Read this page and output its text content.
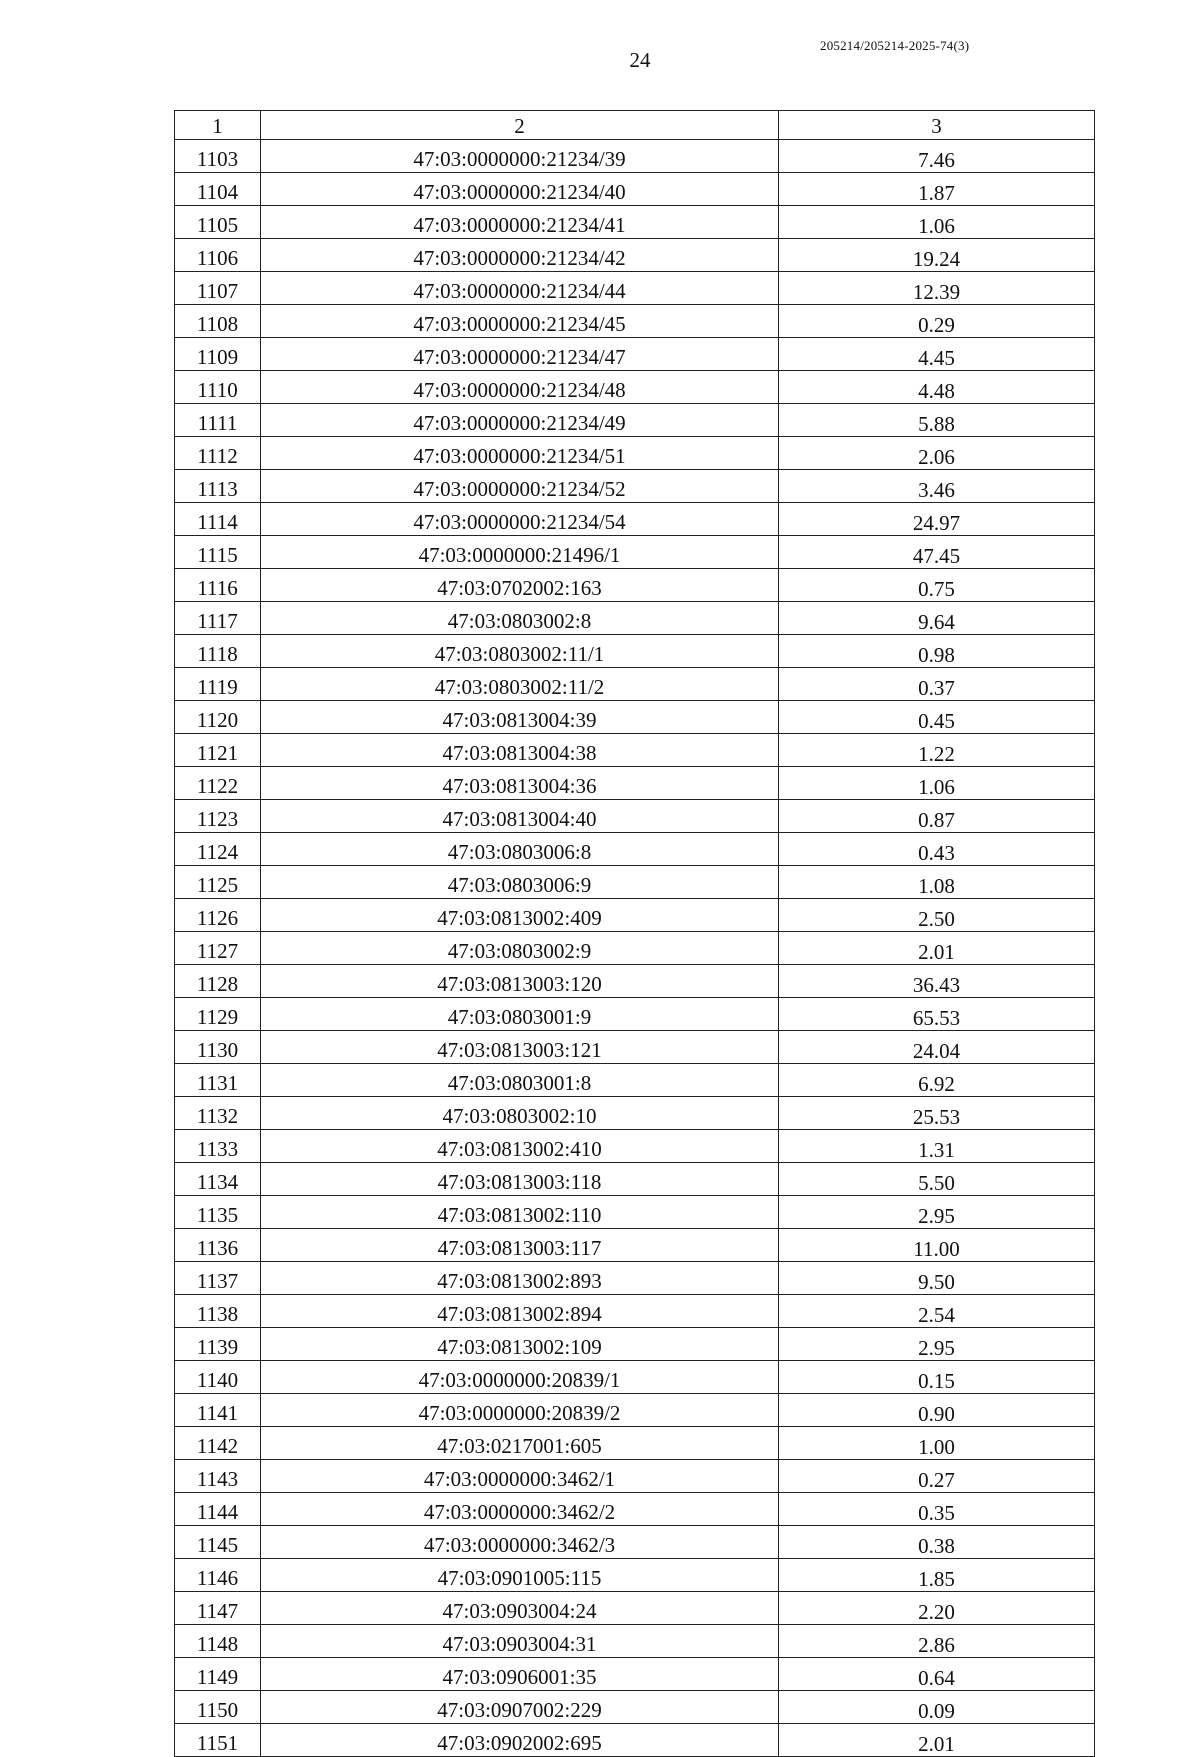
24
205214/205214-2025-74(3)
1	2	3
1103	47:03:0000000:21234/39	7.46
1104	47:03:0000000:21234/40	1.87
1105	47:03:0000000:21234/41	1.06
1106	47:03:0000000:21234/42	19.24
1107	47:03:0000000:21234/44	12.39
1108	47:03:0000000:21234/45	0.29
1109	47:03:0000000:21234/47	4.45
1110	47:03:0000000:21234/48	4.48
1111	47:03:0000000:21234/49	5.88
1112	47:03:0000000:21234/51	2.06
1113	47:03:0000000:21234/52	3.46
1114	47:03:0000000:21234/54	24.97
1115	47:03:0000000:21496/1	47.45
1116	47:03:0702002:163	0.75
1117	47:03:0803002:8	9.64
1118	47:03:0803002:11/1	0.98
1119	47:03:0803002:11/2	0.37
1120	47:03:0813004:39	0.45
1121	47:03:0813004:38	1.22
1122	47:03:0813004:36	1.06
1123	47:03:0813004:40	0.87
1124	47:03:0803006:8	0.43
1125	47:03:0803006:9	1.08
1126	47:03:0813002:409	2.50
1127	47:03:0803002:9	2.01
1128	47:03:0813003:120	36.43
1129	47:03:0803001:9	65.53
1130	47:03:0813003:121	24.04
1131	47:03:0803001:8	6.92
1132	47:03:0803002:10	25.53
1133	47:03:0813002:410	1.31
1134	47:03:0813003:118	5.50
1135	47:03:0813002:110	2.95
1136	47:03:0813003:117	11.00
1137	47:03:0813002:893	9.50
1138	47:03:0813002:894	2.54
1139	47:03:0813002:109	2.95
1140	47:03:0000000:20839/1	0.15
1141	47:03:0000000:20839/2	0.90
1142	47:03:0217001:605	1.00
1143	47:03:0000000:3462/1	0.27
1144	47:03:0000000:3462/2	0.35
1145	47:03:0000000:3462/3	0.38
1146	47:03:0901005:115	1.85
1147	47:03:0903004:24	2.20
1148	47:03:0903004:31	2.86
1149	47:03:0906001:35	0.64
1150	47:03:0907002:229	0.09
1151	47:03:0902002:695	2.01
